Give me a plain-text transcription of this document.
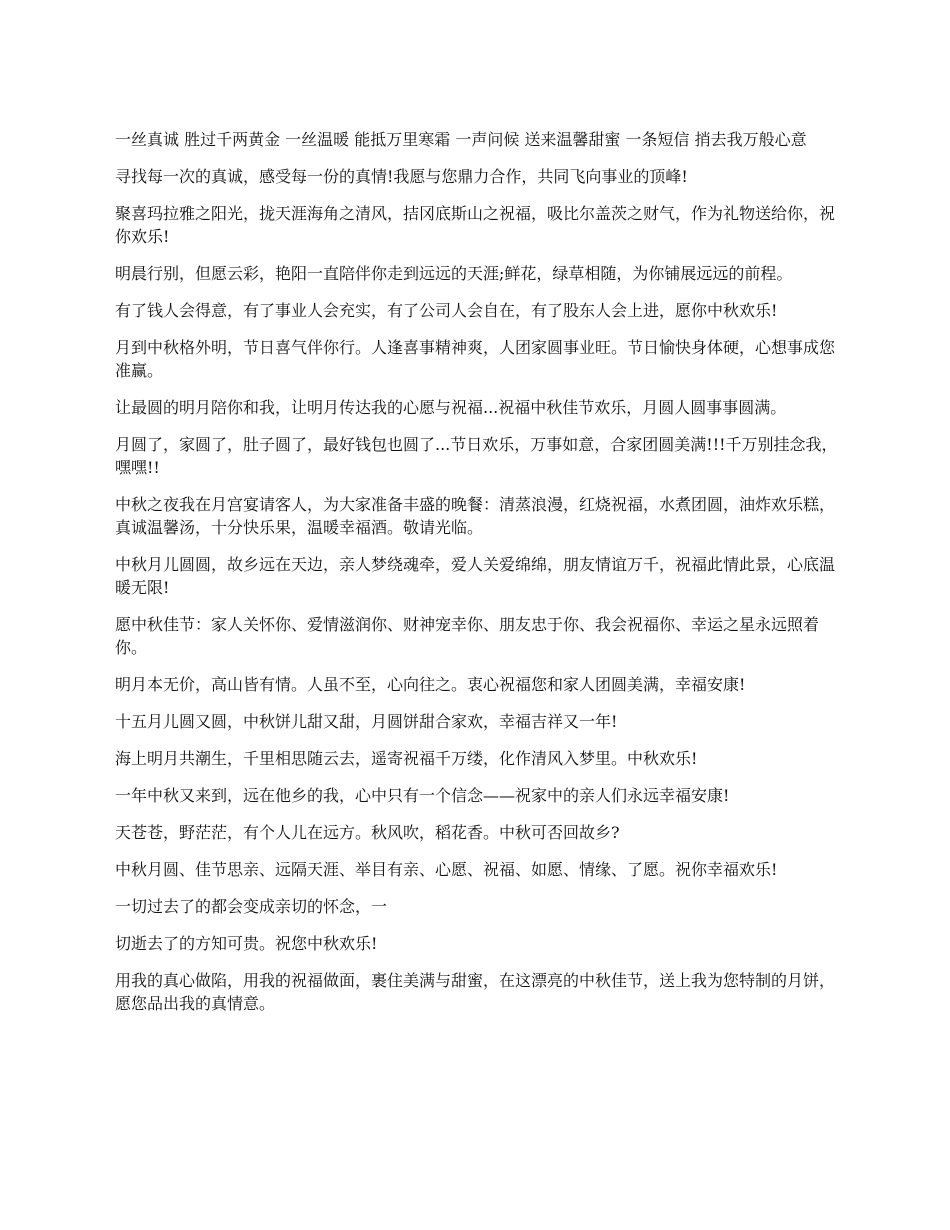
一丝真诚 胜过千两黄金 一丝温暖 能抵万里寒霜 一声问候 送来温馨甜蜜 一条短信 捎去我万般心意

寻找每一次的真诚，感受每一份的真情!我愿与您鼎力合作，共同飞向事业的顶峰!

聚喜玛拉雅之阳光，拢天涯海角之清风，拮冈底斯山之祝福，吸比尔盖茨之财气，作为礼物送给你，祝你欢乐!

明晨行别，但愿云彩，艳阳一直陪伴你走到远远的天涯;鲜花，绿草相随，为你铺展远远的前程。

有了钱人会得意，有了事业人会充实，有了公司人会自在，有了股东人会上进，愿你中秋欢乐!

月到中秋格外明，节日喜气伴你行。人逢喜事精神爽，人团家圆事业旺。节日愉快身体硬，心想事成您准赢。

让最圆的明月陪你和我，让明月传达我的心愿与祝福...祝福中秋佳节欢乐，月圆人圆事事圆满。

月圆了，家圆了，肚子圆了，最好钱包也圆了...节日欢乐，万事如意，合家团圆美满!!!千万别挂念我，嘿嘿!!

中秋之夜我在月宫宴请客人，为大家准备丰盛的晚餐：清蒸浪漫，红烧祝福，水煮团圆，油炸欢乐糕，真诚温馨汤，十分快乐果，温暖幸福酒。敬请光临。

中秋月儿圆圆，故乡远在天边，亲人梦绕魂牵，爱人关爱绵绵，朋友情谊万千，祝福此情此景，心底温暖无限!

愿中秋佳节：家人关怀你、爱情滋润你、财神宠幸你、朋友忠于你、我会祝福你、幸运之星永远照着你。

明月本无价，高山皆有情。人虽不至，心向往之。衷心祝福您和家人团圆美满，幸福安康!

十五月儿圆又圆，中秋饼儿甜又甜，月圆饼甜合家欢，幸福吉祥又一年!

海上明月共潮生，千里相思随云去，遥寄祝福千万缕，化作清风入梦里。中秋欢乐!

一年中秋又来到，远在他乡的我，心中只有一个信念——祝家中的亲人们永远幸福安康!

天苍苍，野茫茫，有个人儿在远方。秋风吹，稻花香。中秋可否回故乡?

中秋月圆、佳节思亲、远隔天涯、举目有亲、心愿、祝福、如愿、情缘、了愿。祝你幸福欢乐!

一切过去了的都会变成亲切的怀念，一

切逝去了的方知可贵。祝您中秋欢乐!

用我的真心做陷，用我的祝福做面，裹住美满与甜蜜，在这漂亮的中秋佳节，送上我为您特制的月饼，愿您品出我的真情意。
